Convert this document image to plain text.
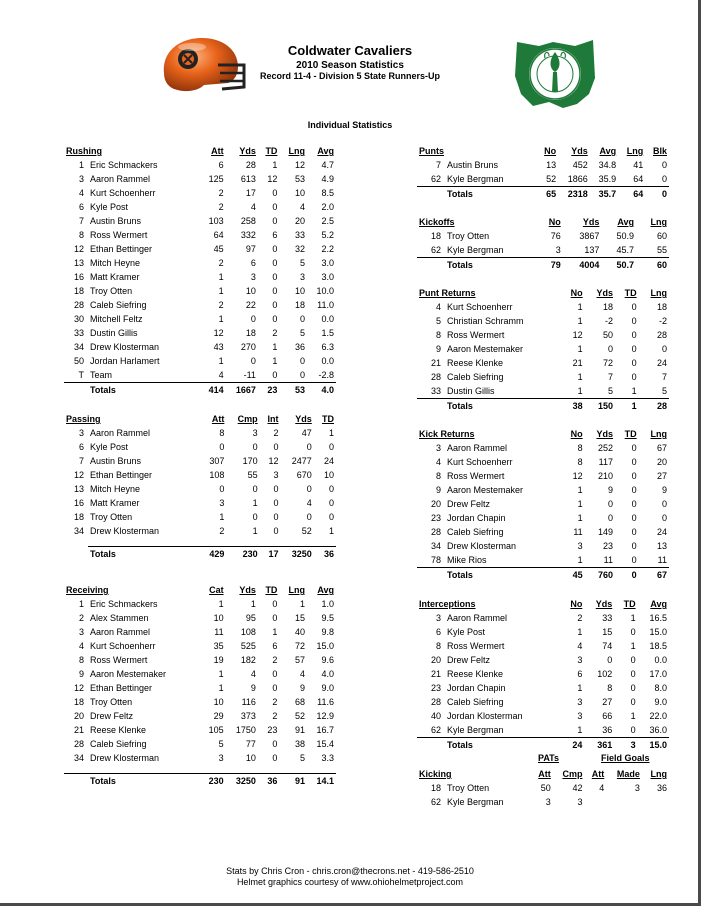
Coldwater Cavaliers
2010 Season Statistics
Record 11-4 - Division 5 State Runners-Up
Individual Statistics
Rushing		Att	Yds	TD	Lng	Avg
1	Eric Schmackers	6	28	1	12	4.7
3	Aaron Rammel	125	613	12	53	4.9
4	Kurt Schoenherr	2	17	0	10	8.5
6	Kyle Post	2	4	0	4	2.0
7	Austin Bruns	103	258	0	20	2.5
8	Ross Wermert	64	332	6	33	5.2
12	Ethan Bettinger	45	97	0	32	2.2
13	Mitch Heyne	2	6	0	5	3.0
16	Matt Kramer	1	3	0	3	3.0
18	Troy Otten	1	10	0	10	10.0
28	Caleb Siefring	2	22	0	18	11.0
30	Mitchell Feltz	1	0	0	0	0.0
33	Dustin Gillis	12	18	2	5	1.5
34	Drew Klosterman	43	270	1	36	6.3
50	Jordan Harlamert	1	0	1	0	0.0
T	Team	4	-11	0	0	-2.8
	Totals	414	1667	23	53	4.0
Passing		Att	Cmp	Int	Yds	TD
3	Aaron Rammel	8	3	2	47	1
6	Kyle Post	0	0	0	0	0
7	Austin Bruns	307	170	12	2477	24
12	Ethan Bettinger	108	55	3	670	10
13	Mitch Heyne	0	0	0	0	0
16	Matt Kramer	3	1	0	4	0
18	Troy Otten	1	0	0	0	0
34	Drew Klosterman	2	1	0	52	1

	Totals	429	230	17	3250	36
Receiving		Cat	Yds	TD	Lng	Avg
1	Eric Schmackers	1	1	0	1	1.0
2	Alex Stammen	10	95	0	15	9.5
3	Aaron Rammel	11	108	1	40	9.8
4	Kurt Schoenherr	35	525	6	72	15.0
8	Ross Wermert	19	182	2	57	9.6
9	Aaron Mestemaker	1	4	0	4	4.0
12	Ethan Bettinger	1	9	0	9	9.0
18	Troy Otten	10	116	2	68	11.6
20	Drew Feltz	29	373	2	52	12.9
21	Reese Klenke	105	1750	23	91	16.7
28	Caleb Siefring	5	77	0	38	15.4
34	Drew Klosterman	3	10	0	5	3.3

	Totals	230	3250	36	91	14.1
Punts		No	Yds	Avg	Lng	Blk
7	Austin Bruns	13	452	34.8	41	0
62	Kyle Bergman	52	1866	35.9	64	0
	Totals	65	2318	35.7	64	0
Kickoffs		No	Yds	Avg	Lng
18	Troy Otten	76	3867	50.9	60
62	Kyle Bergman	3	137	45.7	55
	Totals	79	4004	50.7	60
Punt Returns		No	Yds	TD	Lng
4	Kurt Schoenherr	1	18	0	18
5	Christian Schramm	1	-2	0	-2
8	Ross Wermert	12	50	0	28
9	Aaron Mestemaker	1	0	0	0
21	Reese Klenke	21	72	0	24
28	Caleb Siefring	1	7	0	7
33	Dustin Gillis	1	5	1	5
	Totals	38	150	1	28
Kick Returns		No	Yds	TD	Lng
3	Aaron Rammel	8	252	0	67
4	Kurt Schoenherr	8	117	0	20
8	Ross Wermert	12	210	0	27
9	Aaron Mestemaker	1	9	0	9
20	Drew Feltz	1	0	0	0
23	Jordan Chapin	1	0	0	0
28	Caleb Siefring	11	149	0	24
34	Drew Klosterman	3	23	0	13
78	Mike Rios	1	11	0	11
	Totals	45	760	0	67
Interceptions		No	Yds	TD	Avg
3	Aaron Rammel	2	33	1	16.5
6	Kyle Post	1	15	0	15.0
8	Ross Wermert	4	74	1	18.5
20	Drew Feltz	3	0	0	0.0
21	Reese Klenke	6	102	0	17.0
23	Jordan Chapin	1	8	0	8.0
28	Caleb Siefring	3	27	0	9.0
40	Jordan Klosterman	3	66	1	22.0
62	Kyle Bergman	1	36	0	36.0
	Totals	24	361	3	15.0
PATs	Field Goals
Kicking		Att	Cmp	Att	Made	Lng
18	Troy Otten	50	42	4	3	36
62	Kyle Bergman	3	3			
Stats by Chris Cron - chris.cron@thecrons.net - 419-586-2510
Helmet graphics courtesy of www.ohiohelmetproject.com
